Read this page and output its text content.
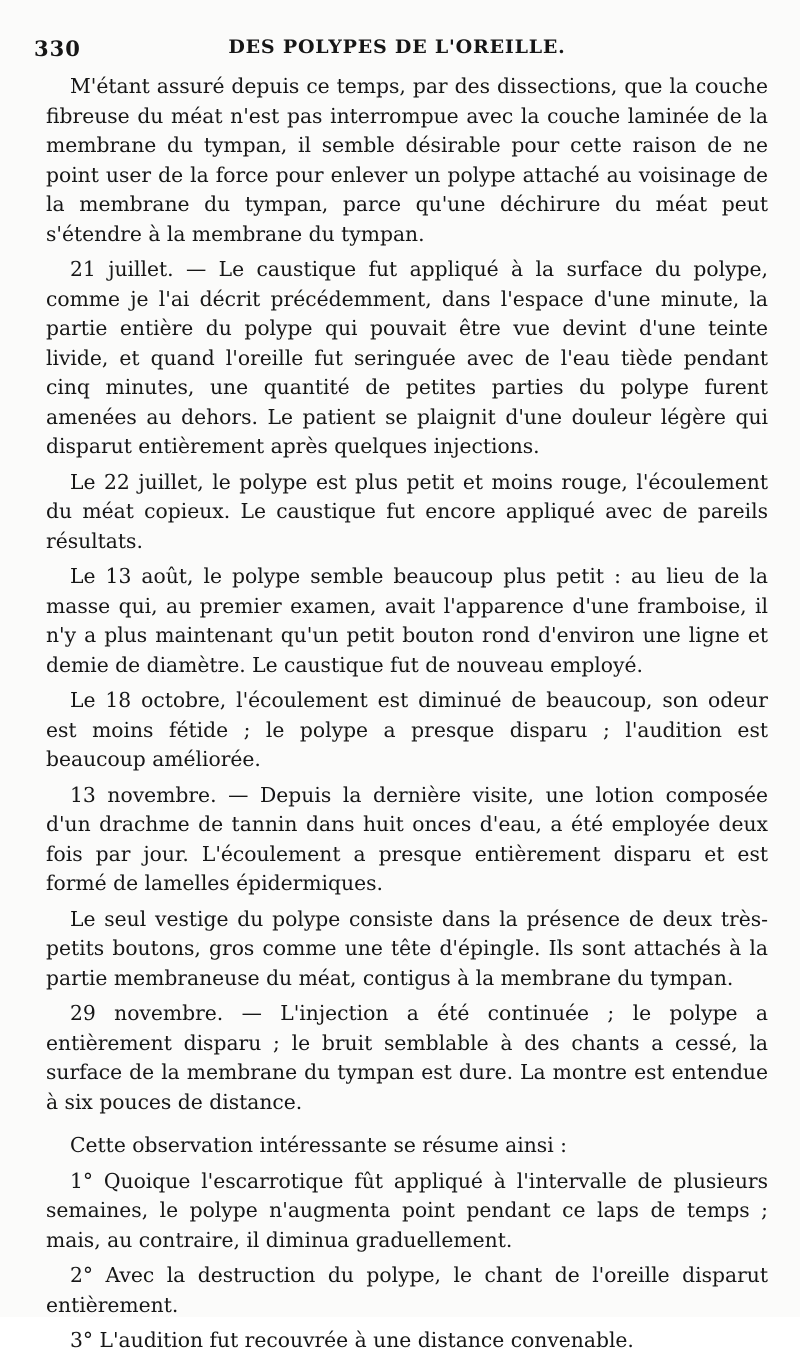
330	DES POLYPES DE L'OREILLE.

M'étant assuré depuis ce temps, par des dissections, que la couche fibreuse du méat n'est pas interrompue avec la couche laminée de la membrane du tympan, il semble désirable pour cette raison de ne point user de la force pour enlever un polype attaché au voisinage de la membrane du tympan, parce qu'une déchirure du méat peut s'étendre à la membrane du tympan.

21 juillet. — Le caustique fut appliqué à la surface du polype, comme je l'ai décrit précédemment, dans l'espace d'une minute, la partie entière du polype qui pouvait être vue devint d'une teinte livide, et quand l'oreille fut seringuée avec de l'eau tiède pendant cinq minutes, une quantité de petites parties du polype furent amenées au dehors. Le patient se plaignit d'une douleur légère qui disparut entièrement après quelques injections.

Le 22 juillet, le polype est plus petit et moins rouge, l'écoulement du méat copieux. Le caustique fut encore appliqué avec de pareils résultats.

Le 13 août, le polype semble beaucoup plus petit : au lieu de la masse qui, au premier examen, avait l'apparence d'une framboise, il n'y a plus maintenant qu'un petit bouton rond d'environ une ligne et demie de diamètre. Le caustique fut de nouveau employé.

Le 18 octobre, l'écoulement est diminué de beaucoup, son odeur est moins fétide ; le polype a presque disparu ; l'audition est beaucoup améliorée.

13 novembre. — Depuis la dernière visite, une lotion composée d'un drachme de tannin dans huit onces d'eau, a été employée deux fois par jour. L'écoulement a presque entièrement disparu et est formé de lamelles épidermiques.

Le seul vestige du polype consiste dans la présence de deux très-petits boutons, gros comme une tête d'épingle. Ils sont attachés à la partie membraneuse du méat, contigus à la membrane du tympan.

29 novembre. — L'injection a été continuée ; le polype a entièrement disparu ; le bruit semblable à des chants a cessé, la surface de la membrane du tympan est dure. La montre est entendue à six pouces de distance.

Cette observation intéressante se résume ainsi :

1° Quoique l'escarrotique fût appliqué à l'intervalle de plusieurs semaines, le polype n'augmenta point pendant ce laps de temps ; mais, au contraire, il diminua graduellement.

2° Avec la destruction du polype, le chant de l'oreille disparut entièrement.

3° L'audition fut recouvrée à une distance convenable.
